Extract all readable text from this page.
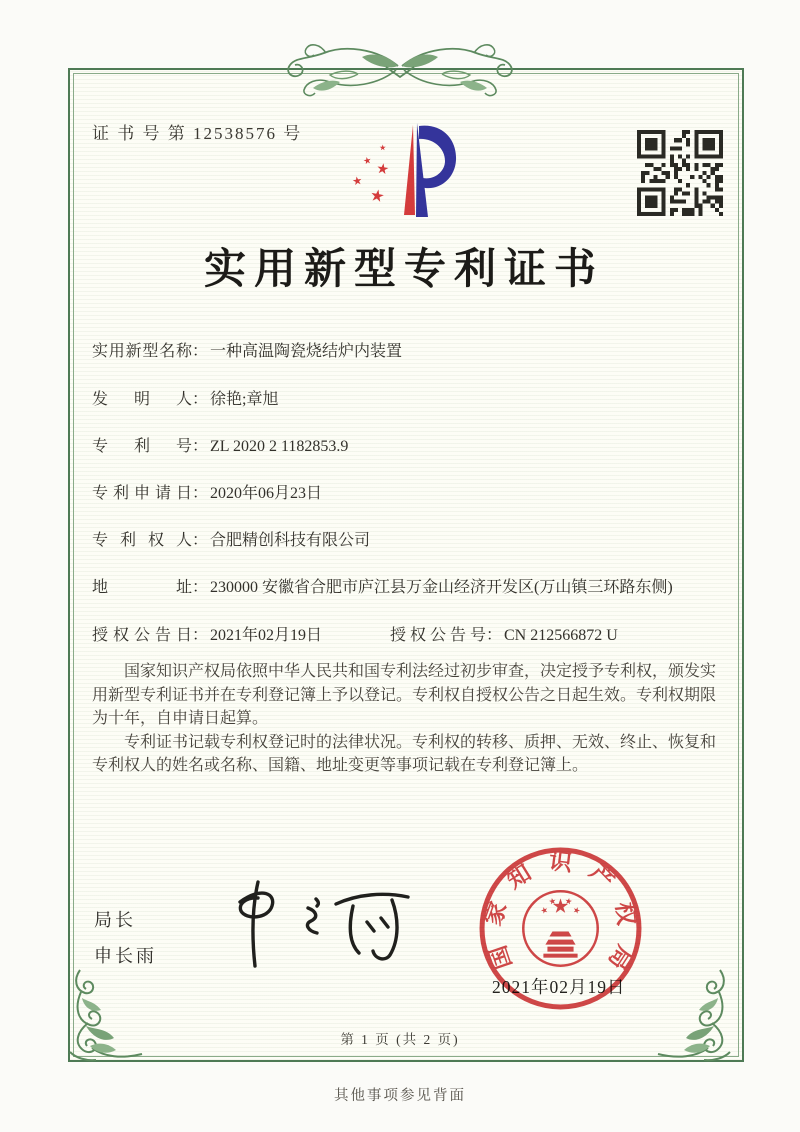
证 书 号 第 12538576 号
实用新型专利证书
实用新型名称 ： 一种高温陶瓷烧结炉内装置
发明人 ： 徐艳;章旭
专利号 ： ZL 2020 2 1182853.9
专利申请日 ： 2020年06月23日
专利权人 ： 合肥精创科技有限公司
地址 ： 230000 安徽省合肥市庐江县万金山经济开发区(万山镇三环路东侧)
授权公告日 ： 2021年02月19日	授权公告号 ： CN 212566872 U

国家知识产权局依照中华人民共和国专利法经过初步审查，决定授予专利权，颁发实用新型专利证书并在专利登记簿上予以登记。专利权自授权公告之日起生效。专利权期限为十年，自申请日起算。

专利证书记载专利权登记时的法律状况。专利权的转移、质押、无效、终止、恢复和专利权人的姓名或名称、国籍、地址变更等事项记载在专利登记簿上。

局长
申长雨
2021年02月19日
国家知识产权局
第 1 页 (共 2 页)
其他事项参见背面
